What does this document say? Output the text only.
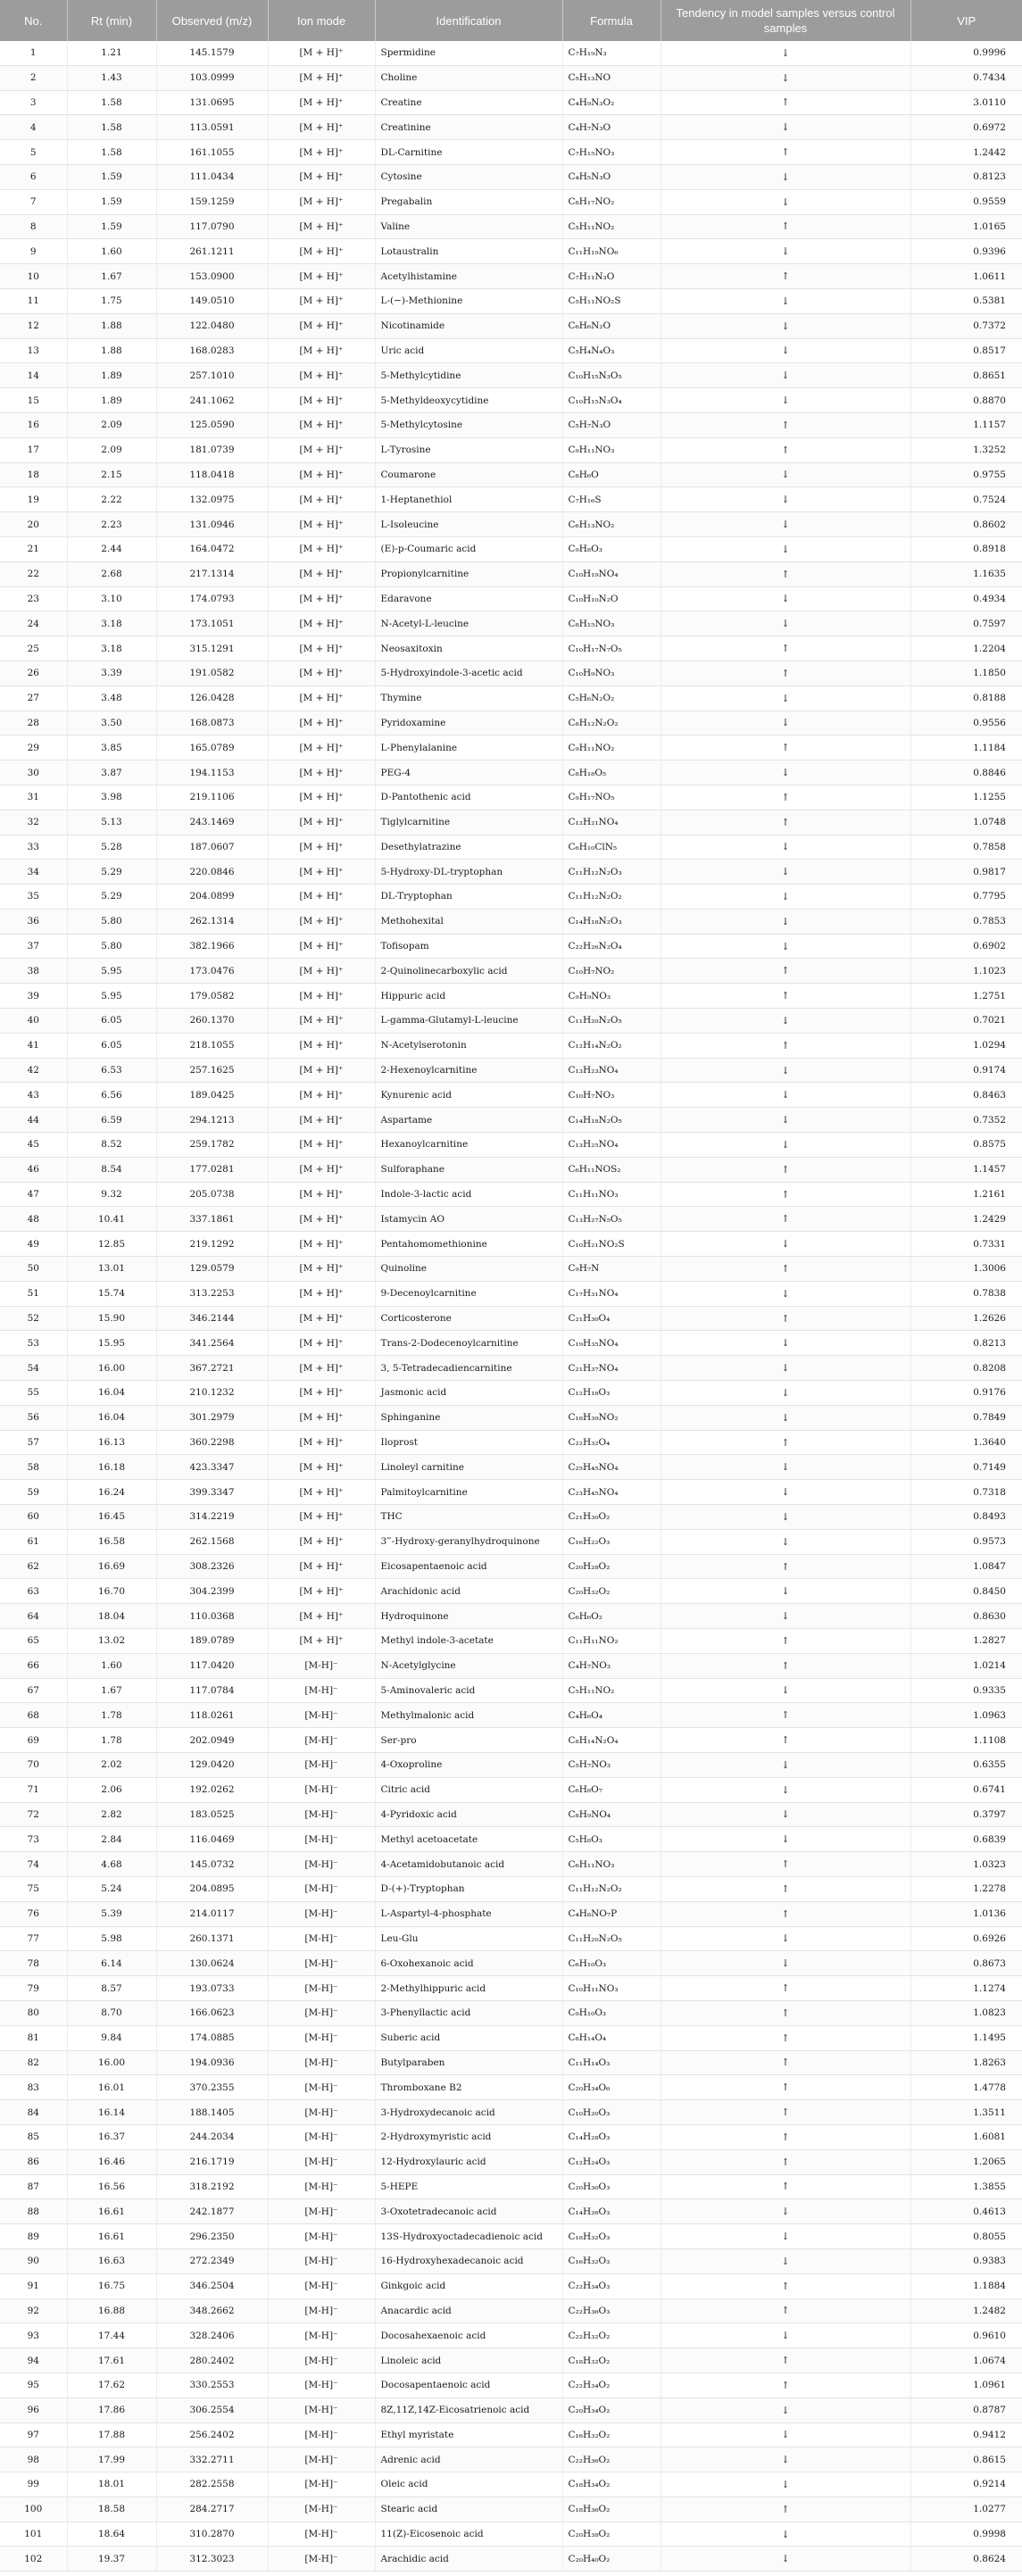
No.	Rt (min)	Observed (m/z)	Ion mode	Identification	Formula	Tendency in model samples versus control samples	VIP
1	1.21	145.1579	[M + H]⁺	Spermidine	C₇H₁₉N₃	↓	0.9996
2	1.43	103.0999	[M + H]⁺	Choline	C₅H₁₃NO	↓	0.7434
3	1.58	131.0695	[M + H]⁺	Creatine	C₄H₉N₃O₂	↑	3.0110
4	1.58	113.0591	[M + H]⁺	Creatinine	C₄H₇N₃O	↓	0.6972
5	1.58	161.1055	[M + H]⁺	DL-Carnitine	C₇H₁₅NO₃	↑	1.2442
6	1.59	111.0434	[M + H]⁺	Cytosine	C₄H₅N₃O	↓	0.8123
7	1.59	159.1259	[M + H]⁺	Pregabalin	C₈H₁₇NO₂	↓	0.9559
8	1.59	117.0790	[M + H]⁺	Valine	C₅H₁₁NO₂	↑	1.0165
9	1.60	261.1211	[M + H]⁺	Lotaustralin	C₁₁H₁₉NO₆	↓	0.9396
10	1.67	153.0900	[M + H]⁺	Acetylhistamine	C₇H₁₁N₃O	↑	1.0611
11	1.75	149.0510	[M + H]⁺	L-(−)-Methionine	C₅H₁₁NO₂S	↓	0.5381
12	1.88	122.0480	[M + H]⁺	Nicotinamide	C₆H₆N₂O	↓	0.7372
13	1.88	168.0283	[M + H]⁺	Uric acid	C₅H₄N₄O₃	↓	0.8517
14	1.89	257.1010	[M + H]⁺	5-Methylcytidine	C₁₀H₁₅N₃O₅	↓	0.8651
15	1.89	241.1062	[M + H]⁺	5-Methyldeoxycytidine	C₁₀H₁₅N₃O₄	↓	0.8870
16	2.09	125.0590	[M + H]⁺	5-Methylcytosine	C₅H₇N₃O	↑	1.1157
17	2.09	181.0739	[M + H]⁺	L-Tyrosine	C₉H₁₁NO₃	↑	1.3252
18	2.15	118.0418	[M + H]⁺	Coumarone	C₈H₆O	↓	0.9755
19	2.22	132.0975	[M + H]⁺	1-Heptanethiol	C₇H₁₆S	↓	0.7524
20	2.23	131.0946	[M + H]⁺	L-Isoleucine	C₆H₁₃NO₂	↓	0.8602
21	2.44	164.0472	[M + H]⁺	(E)-p-Coumaric acid	C₉H₈O₃	↓	0.8918
22	2.68	217.1314	[M + H]⁺	Propionylcarnitine	C₁₀H₁₉NO₄	↑	1.1635
23	3.10	174.0793	[M + H]⁺	Edaravone	C₁₀H₁₀N₂O	↓	0.4934
24	3.18	173.1051	[M + H]⁺	N-Acetyl-L-leucine	C₈H₁₅NO₃	↓	0.7597
25	3.18	315.1291	[M + H]⁺	Neosaxitoxin	C₁₀H₁₇N₇O₅	↑	1.2204
26	3.39	191.0582	[M + H]⁺	5-Hydroxyindole-3-acetic acid	C₁₀H₉NO₃	↑	1.1850
27	3.48	126.0428	[M + H]⁺	Thymine	C₅H₆N₂O₂	↓	0.8188
28	3.50	168.0873	[M + H]⁺	Pyridoxamine	C₈H₁₂N₂O₂	↓	0.9556
29	3.85	165.0789	[M + H]⁺	L-Phenylalanine	C₉H₁₁NO₂	↑	1.1184
30	3.87	194.1153	[M + H]⁺	PEG-4	C₈H₁₈O₅	↓	0.8846
31	3.98	219.1106	[M + H]⁺	D-Pantothenic acid	C₉H₁₇NO₅	↑	1.1255
32	5.13	243.1469	[M + H]⁺	Tiglylcarnitine	C₁₂H₂₁NO₄	↑	1.0748
33	5.28	187.0607	[M + H]⁺	Desethylatrazine	C₆H₁₀ClN₅	↓	0.7858
34	5.29	220.0846	[M + H]⁺	5-Hydroxy-DL-tryptophan	C₁₁H₁₂N₂O₃	↓	0.9817
35	5.29	204.0899	[M + H]⁺	DL-Tryptophan	C₁₁H₁₂N₂O₂	↓	0.7795
36	5.80	262.1314	[M + H]⁺	Methohexital	C₁₄H₁₈N₂O₃	↓	0.7853
37	5.80	382.1966	[M + H]⁺	Tofisopam	C₂₂H₂₆N₂O₄	↓	0.6902
38	5.95	173.0476	[M + H]⁺	2-Quinolinecarboxylic acid	C₁₀H₇NO₂	↑	1.1023
39	5.95	179.0582	[M + H]⁺	Hippuric acid	C₉H₉NO₃	↑	1.2751
40	6.05	260.1370	[M + H]⁺	L-gamma-Glutamyl-L-leucine	C₁₁H₂₀N₂O₅	↓	0.7021
41	6.05	218.1055	[M + H]⁺	N-Acetylserotonin	C₁₂H₁₄N₂O₂	↑	1.0294
42	6.53	257.1625	[M + H]⁺	2-Hexenoylcarnitine	C₁₃H₂₃NO₄	↓	0.9174
43	6.56	189.0425	[M + H]⁺	Kynurenic acid	C₁₀H₇NO₃	↓	0.8463
44	6.59	294.1213	[M + H]⁺	Aspartame	C₁₄H₁₈N₂O₅	↓	0.7352
45	8.52	259.1782	[M + H]⁺	Hexanoylcarnitine	C₁₃H₂₅NO₄	↓	0.8575
46	8.54	177.0281	[M + H]⁺	Sulforaphane	C₆H₁₁NOS₂	↑	1.1457
47	9.32	205.0738	[M + H]⁺	Indole-3-lactic acid	C₁₁H₁₁NO₃	↑	1.2161
48	10.41	337.1861	[M + H]⁺	Istamycin AO	C₁₃H₂₇N₅O₅	↑	1.2429
49	12.85	219.1292	[M + H]⁺	Pentahomomethionine	C₁₀H₂₁NO₂S	↓	0.7331
50	13.01	129.0579	[M + H]⁺	Quinoline	C₉H₇N	↑	1.3006
51	15.74	313.2253	[M + H]⁺	9-Decenoylcarnitine	C₁₇H₃₁NO₄	↓	0.7838
52	15.90	346.2144	[M + H]⁺	Corticosterone	C₂₁H₃₀O₄	↑	1.2626
53	15.95	341.2564	[M + H]⁺	Trans-2-Dodecenoylcarnitine	C₁₉H₃₅NO₄	↓	0.8213
54	16.00	367.2721	[M + H]⁺	3, 5-Tetradecadiencarnitine	C₂₁H₃₇NO₄	↓	0.8208
55	16.04	210.1232	[M + H]⁺	Jasmonic acid	C₁₂H₁₈O₃	↓	0.9176
56	16.04	301.2979	[M + H]⁺	Sphinganine	C₁₈H₃₉NO₂	↓	0.7849
57	16.13	360.2298	[M + H]⁺	Iloprost	C₂₂H₃₂O₄	↑	1.3640
58	16.18	423.3347	[M + H]⁺	Linoleyl carnitine	C₂₅H₄₅NO₄	↓	0.7149
59	16.24	399.3347	[M + H]⁺	Palmitoylcarnitine	C₂₃H₄₅NO₄	↓	0.7318
60	16.45	314.2219	[M + H]⁺	THC	C₂₁H₃₀O₂	↓	0.8493
61	16.58	262.1568	[M + H]⁺	3‴-Hydroxy-geranylhydroquinone	C₁₆H₂₂O₃	↓	0.9573
62	16.69	308.2326	[M + H]⁺	Eicosapentaenoic acid	C₂₀H₂₈O₂	↑	1.0847
63	16.70	304.2399	[M + H]⁺	Arachidonic acid	C₂₀H₃₂O₂	↓	0.8450
64	18.04	110.0368	[M + H]⁺	Hydroquinone	C₆H₆O₂	↓	0.8630
65	13.02	189.0789	[M + H]⁺	Methyl indole-3-acetate	C₁₁H₁₁NO₂	↑	1.2827
66	1.60	117.0420	[M-H]⁻	N-Acetylglycine	C₄H₇NO₃	↑	1.0214
67	1.67	117.0784	[M-H]⁻	5-Aminovaleric acid	C₅H₁₁NO₂	↓	0.9335
68	1.78	118.0261	[M-H]⁻	Methylmalonic acid	C₄H₆O₄	↑	1.0963
69	1.78	202.0949	[M-H]⁻	Ser-pro	C₈H₁₄N₂O₄	↑	1.1108
70	2.02	129.0420	[M-H]⁻	4-Oxoproline	C₅H₇NO₃	↓	0.6355
71	2.06	192.0262	[M-H]⁻	Citric acid	C₆H₈O₇	↓	0.6741
72	2.82	183.0525	[M-H]⁻	4-Pyridoxic acid	C₈H₉NO₄	↓	0.3797
73	2.84	116.0469	[M-H]⁻	Methyl acetoacetate	C₅H₈O₃	↓	0.6839
74	4.68	145.0732	[M-H]⁻	4-Acetamidobutanoic acid	C₆H₁₁NO₃	↑	1.0323
75	5.24	204.0895	[M-H]⁻	D-(+)-Tryptophan	C₁₁H₁₂N₂O₂	↑	1.2278
76	5.39	214.0117	[M-H]⁻	L-Aspartyl-4-phosphate	C₄H₈NO₇P	↑	1.0136
77	5.98	260.1371	[M-H]⁻	Leu-Glu	C₁₁H₂₀N₂O₅	↓	0.6926
78	6.14	130.0624	[M-H]⁻	6-Oxohexanoic acid	C₆H₁₀O₃	↓	0.8673
79	8.57	193.0733	[M-H]⁻	2-Methylhippuric acid	C₁₀H₁₁NO₃	↑	1.1274
80	8.70	166.0623	[M-H]⁻	3-Phenyllactic acid	C₉H₁₀O₃	↑	1.0823
81	9.84	174.0885	[M-H]⁻	Suberic acid	C₈H₁₄O₄	↑	1.1495
82	16.00	194.0936	[M-H]⁻	Butylparaben	C₁₁H₁₄O₃	↑	1.8263
83	16.01	370.2355	[M-H]⁻	Thromboxane B2	C₂₀H₃₄O₆	↑	1.4778
84	16.14	188.1405	[M-H]⁻	3-Hydroxydecanoic acid	C₁₀H₂₀O₃	↑	1.3511
85	16.37	244.2034	[M-H]⁻	2-Hydroxymyristic acid	C₁₄H₂₈O₃	↑	1.6081
86	16.46	216.1719	[M-H]⁻	12-Hydroxylauric acid	C₁₂H₂₄O₃	↑	1.2065
87	16.56	318.2192	[M-H]⁻	5-HEPE	C₂₀H₃₀O₃	↑	1.3855
88	16.61	242.1877	[M-H]⁻	3-Oxotetradecanoic acid	C₁₄H₂₆O₃	↓	0.4613
89	16.61	296.2350	[M-H]⁻	13S-Hydroxyoctadecadienoic acid	C₁₈H₃₂O₃	↓	0.8055
90	16.63	272.2349	[M-H]⁻	16-Hydroxyhexadecanoic acid	C₁₆H₃₂O₃	↓	0.9383
91	16.75	346.2504	[M-H]⁻	Ginkgoic acid	C₂₂H₃₄O₃	↑	1.1884
92	16.88	348.2662	[M-H]⁻	Anacardic acid	C₂₂H₃₆O₃	↑	1.2482
93	17.44	328.2406	[M-H]⁻	Docosahexaenoic acid	C₂₂H₃₂O₂	↓	0.9610
94	17.61	280.2402	[M-H]⁻	Linoleic acid	C₁₈H₃₂O₂	↑	1.0674
95	17.62	330.2553	[M-H]⁻	Docosapentaenoic acid	C₂₂H₃₄O₂	↑	1.0961
96	17.86	306.2554	[M-H]⁻	8Z,11Z,14Z-Eicosatrienoic acid	C₂₀H₃₄O₂	↓	0.8787
97	17.88	256.2402	[M-H]⁻	Ethyl myristate	C₁₆H₃₂O₂	↓	0.9412
98	17.99	332.2711	[M-H]⁻	Adrenic acid	C₂₂H₃₆O₂	↓	0.8615
99	18.01	282.2558	[M-H]⁻	Oleic acid	C₁₈H₃₄O₂	↓	0.9214
100	18.58	284.2717	[M-H]⁻	Stearic acid	C₁₈H₃₆O₂	↑	1.0277
101	18.64	310.2870	[M-H]⁻	11(Z)-Eicosenoic acid	C₂₀H₃₈O₂	↓	0.9998
102	19.37	312.3023	[M-H]⁻	Arachidic acid	C₂₀H₄₀O₂	↓	0.8624
